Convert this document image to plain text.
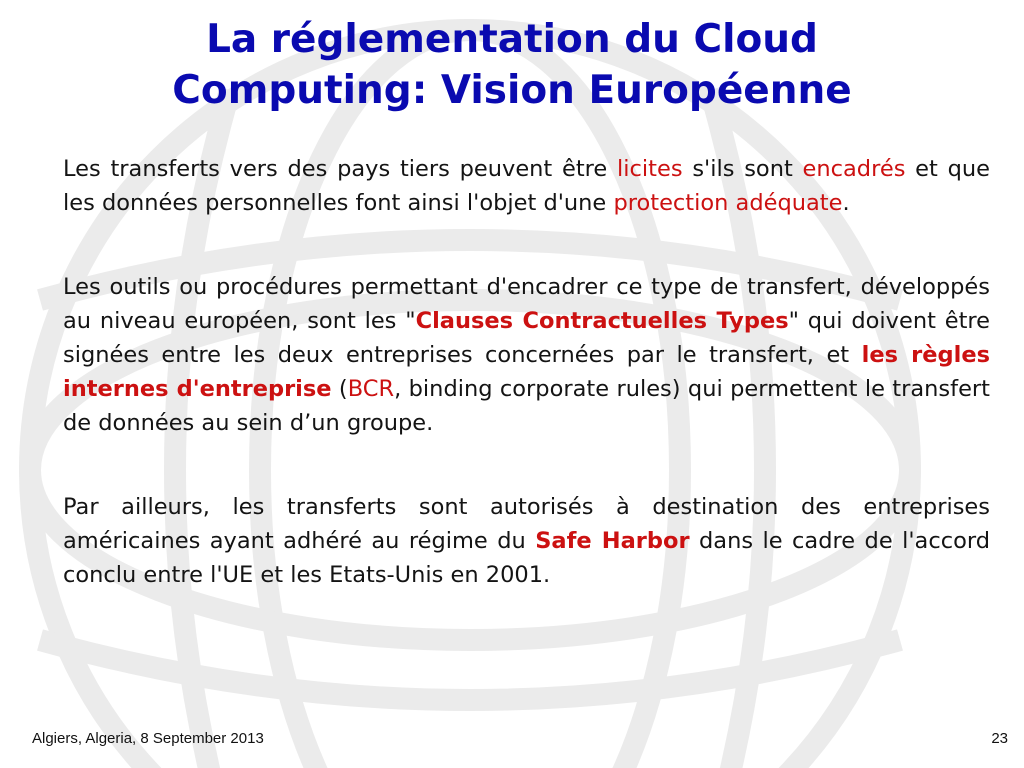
La réglementation du Cloud
Computing: Vision Européenne

Les transferts vers des pays tiers peuvent être licites s'ils sont encadrés et que les données personnelles font ainsi l'objet d'une protection adéquate.

Les outils ou procédures permettant d'encadrer ce type de transfert, développés au niveau européen, sont les "Clauses Contractuelles Types" qui doivent être signées entre les deux entreprises concernées par le transfert, et les règles internes d'entreprise (BCR, binding corporate rules) qui permettent le transfert de données au sein d’un groupe.

Par ailleurs, les transferts sont autorisés à destination des entreprises américaines ayant adhéré au régime du Safe Harbor dans le cadre de l'accord conclu entre l'UE et les Etats-Unis en 2001.

Algiers, Algeria, 8 September 2013	23
